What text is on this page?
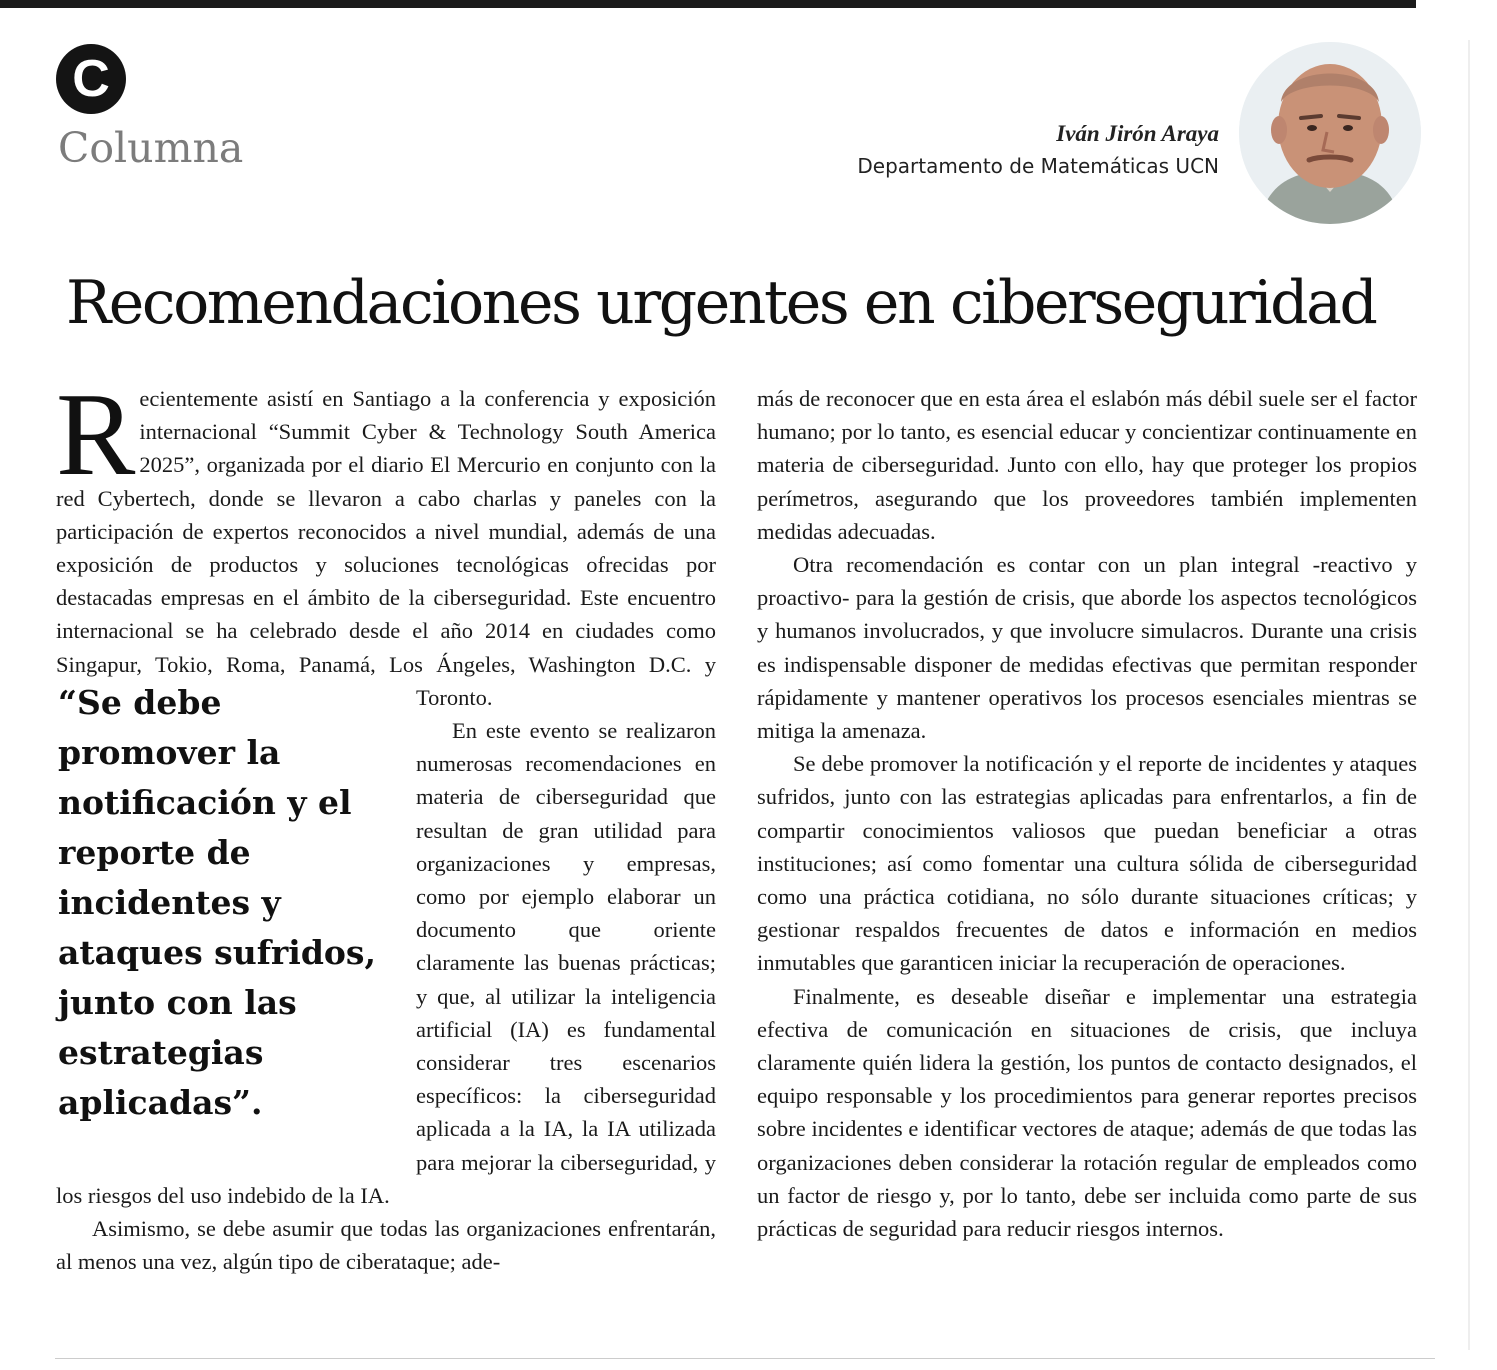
C
Columna	Iván Jirón Araya
Departamento de Matemáticas UCN
Recomendaciones urgentes en ciberseguridad

Recientemente asistí en Santiago a la conferencia y exposición internacional “Summit Cyber & Technology South America 2025”, organizada por el diario El Mercurio en conjunto con la red Cybertech, donde se llevaron a cabo charlas y paneles con la participación de expertos reconocidos a nivel mundial, además de una exposición de productos y soluciones tecnológicas ofrecidas por destacadas empresas en el ámbito de la ciberseguridad. Este encuentro internacional se ha celebrado desde el año 2014 en ciudades como Singapur, Tokio, Roma, Panamá, Los Ángeles, Washington D.C. y
Toronto.

En este evento se realizaron numerosas recomendaciones en materia de ciberseguridad que resultan de gran utilidad para organizaciones y empresas, como por ejemplo elaborar un documento que oriente claramente las buenas prácticas; y que, al utilizar la inteligencia artificial (IA) es fundamental considerar tres escenarios específicos: la ciberseguridad aplicada a la IA, la IA utilizada para mejorar la ciberseguridad, y los riesgos del uso indebido de la IA.

Asimismo, se debe asumir que todas las organizaciones enfrentarán, al menos una vez, algún tipo de ciberataque; ade-

más de reconocer que en esta área el eslabón más débil suele ser el factor humano; por lo tanto, es esencial educar y concientizar continuamente en materia de ciberseguridad. Junto con ello, hay que proteger los propios perímetros, asegurando que los proveedores también implementen medidas adecuadas.

Otra recomendación es contar con un plan integral -reactivo y proactivo- para la gestión de crisis, que aborde los aspectos tecnológicos y humanos involucrados, y que involucre simulacros. Durante una crisis es indispensable disponer de medidas efectivas que permitan responder rápidamente y mantener operativos los procesos esenciales mientras se mitiga la amenaza.

Se debe promover la notificación y el reporte de incidentes y ataques sufridos, junto con las estrategias aplicadas para enfrentarlos, a fin de compartir conocimientos valiosos que puedan beneficiar a otras instituciones; así como fomentar una cultura sólida de ciberseguridad como una práctica cotidiana, no sólo durante situaciones críticas; y gestionar respaldos frecuentes de datos e información en medios inmutables que garanticen iniciar la recuperación de operaciones.

Finalmente, es deseable diseñar e implementar una estrategia efectiva de comunicación en situaciones de crisis, que incluya claramente quién lidera la gestión, los puntos de contacto designados, el equipo responsable y los procedimientos para generar reportes precisos sobre incidentes e identificar vectores de ataque; además de que todas las organizaciones deben considerar la rotación regular de empleados como un factor de riesgo y, por lo tanto, debe ser incluida como parte de sus prácticas de seguridad para reducir riesgos internos.

“Se debe promover la notificación y el reporte de incidentes y ataques sufridos, junto con las estrategias aplicadas”.
